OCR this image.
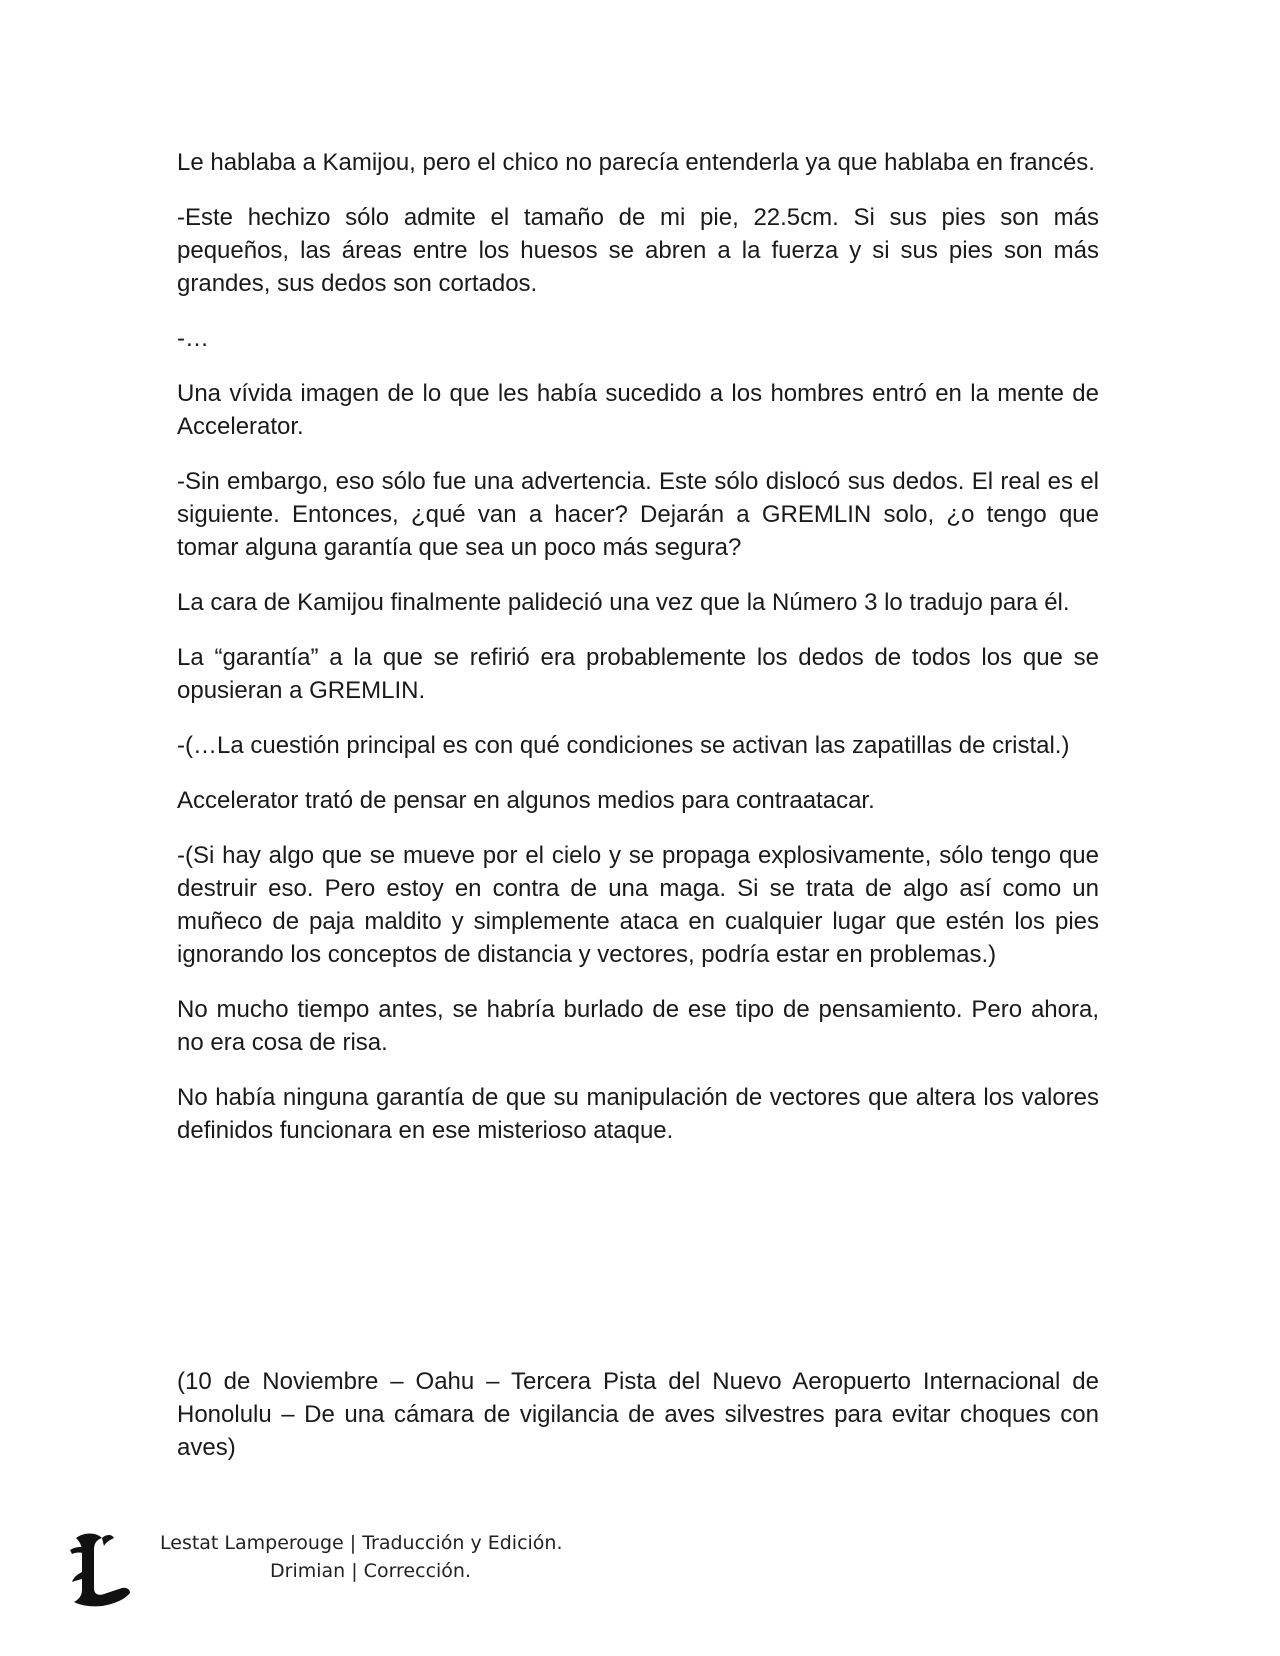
Le hablaba a Kamijou, pero el chico no parecía entenderla ya que hablaba en francés.

-Este hechizo sólo admite el tamaño de mi pie, 22.5cm. Si sus pies son más pequeños, las áreas entre los huesos se abren a la fuerza y si sus pies son más grandes, sus dedos son cortados.

-…

Una vívida imagen de lo que les había sucedido a los hombres entró en la mente de Accelerator.

-Sin embargo, eso sólo fue una advertencia. Este sólo dislocó sus dedos. El real es el siguiente. Entonces, ¿qué van a hacer? Dejarán a GREMLIN solo, ¿o tengo que tomar alguna garantía que sea un poco más segura?

La cara de Kamijou finalmente palideció una vez que la Número 3 lo tradujo para él.

La “garantía” a la que se refirió era probablemente los dedos de todos los que se opusieran a GREMLIN.

-(…La cuestión principal es con qué condiciones se activan las zapatillas de cristal.)

Accelerator trató de pensar en algunos medios para contraatacar.

-(Si hay algo que se mueve por el cielo y se propaga explosivamente, sólo tengo que destruir eso. Pero estoy en contra de una maga. Si se trata de algo así como un muñeco de paja maldito y simplemente ataca en cualquier lugar que estén los pies ignorando los conceptos de distancia y vectores, podría estar en problemas.)

No mucho tiempo antes, se habría burlado de ese tipo de pensamiento. Pero ahora, no era cosa de risa.

No había ninguna garantía de que su manipulación de vectores que altera los valores definidos funcionara en ese misterioso ataque.

(10 de Noviembre – Oahu – Tercera Pista del Nuevo Aeropuerto Internacional de Honolulu – De una cámara de vigilancia de aves silvestres para evitar choques con aves)

Lestat Lamperouge | Traducción y Edición.
Drimian | Corrección.
